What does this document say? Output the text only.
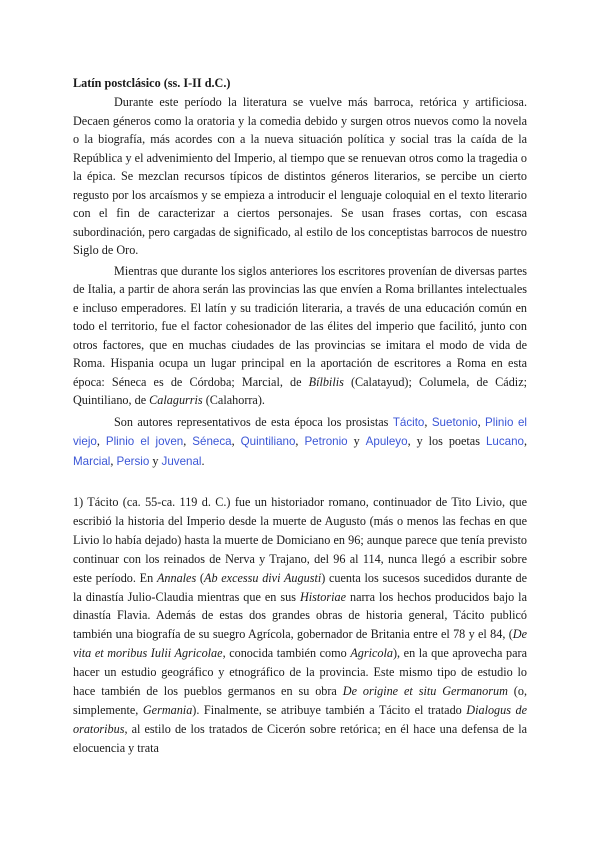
Latín postclásico (ss. I-II d.C.)

Durante este período la literatura se vuelve más barroca, retórica y artificiosa. Decaen géneros como la oratoria y la comedia debido y surgen otros nuevos como la novela o la biografía, más acordes con a la nueva situación política y social tras la caída de la República y el advenimiento del Imperio, al tiempo que se renuevan otros como la tragedia o la épica. Se mezclan recursos típicos de distintos géneros literarios, se percibe un cierto regusto por los arcaísmos y se empieza a introducir el lenguaje coloquial en el texto literario con el fin de caracterizar a ciertos personajes. Se usan frases cortas, con escasa subordinación, pero cargadas de significado, al estilo de los conceptistas barrocos de nuestro Siglo de Oro.

Mientras que durante los siglos anteriores los escritores provenían de diversas partes de Italia, a partir de ahora serán las provincias las que envíen a Roma brillantes intelectuales e incluso emperadores. El latín y su tradición literaria, a través de una educación común en todo el territorio, fue el factor cohesionador de las élites del imperio que facilitó, junto con otros factores, que en muchas ciudades de las provincias se imitara el modo de vida de Roma. Hispania ocupa un lugar principal en la aportación de escritores a Roma en esta época: Séneca es de Córdoba; Marcial, de Bílbilis (Calatayud); Columela, de Cádiz; Quintiliano, de Calagurris (Calahorra).

Son autores representativos de esta época los prosistas Tácito, Suetonio, Plinio el viejo, Plinio el joven, Séneca, Quintiliano, Petronio y Apuleyo, y los poetas Lucano, Marcial, Persio y Juvenal.

1) Tácito (ca. 55-ca. 119 d. C.) fue un historiador romano, continuador de Tito Livio, que escribió la historia del Imperio desde la muerte de Augusto (más o menos las fechas en que Livio lo había dejado) hasta la muerte de Domiciano en 96; aunque parece que tenía previsto continuar con los reinados de Nerva y Trajano, del 96 al 114, nunca llegó a escribir sobre este período. En Annales (Ab excessu divi Augusti) cuenta los sucesos sucedidos durante de la dinastía Julio-Claudia mientras que en sus Historiae narra los hechos producidos bajo la dinastía Flavia. Además de estas dos grandes obras de historia general, Tácito publicó también una biografía de su suegro Agrícola, gobernador de Britania entre el 78 y el 84, (De vita et moribus Iulii Agricolae, conocida también como Agricola), en la que aprovecha para hacer un estudio geográfico y etnográfico de la provincia. Este mismo tipo de estudio lo hace también de los pueblos germanos en su obra De origine et situ Germanorum (o, simplemente, Germania). Finalmente, se atribuye también a Tácito el tratado Dialogus de oratoribus, al estilo de los tratados de Cicerón sobre retórica; en él hace una defensa de la elocuencia y trata
